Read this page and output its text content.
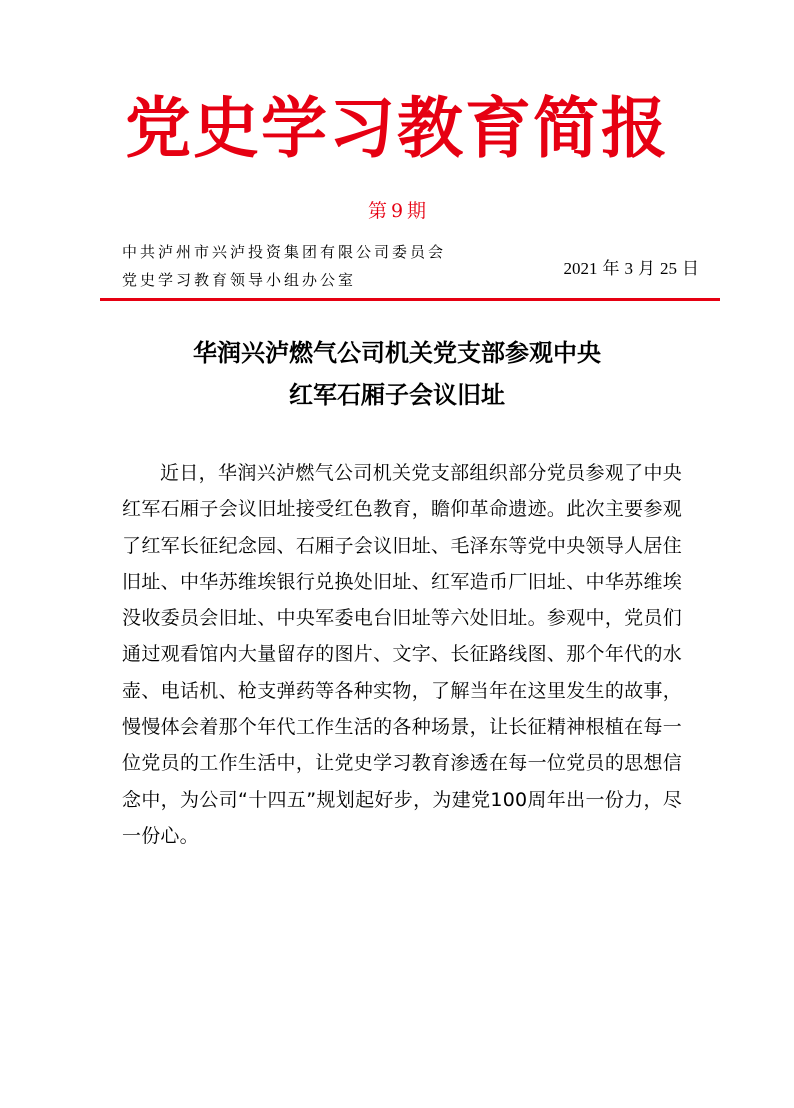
党史学习教育简报
第 9 期
中共泸州市兴泸投资集团有限公司委员会
党史学习教育领导小组办公室
2021 年 3 月 25 日
华润兴泸燃气公司机关党支部参观中央
红军石厢子会议旧址

近日，华润兴泸燃气公司机关党支部组织部分党员参观了中央红军石厢子会议旧址接受红色教育，瞻仰革命遗迹。此次主要参观了红军长征纪念园、石厢子会议旧址、毛泽东等党中央领导人居住旧址、中华苏维埃银行兑换处旧址、红军造币厂旧址、中华苏维埃没收委员会旧址、中央军委电台旧址等六处旧址。参观中，党员们通过观看馆内大量留存的图片、文字、长征路线图、那个年代的水壶、电话机、枪支弹药等各种实物，了解当年在这里发生的故事，慢慢体会着那个年代工作生活的各种场景，让长征精神根植在每一位党员的工作生活中，让党史学习教育渗透在每一位党员的思想信念中，为公司“十四五”规划起好步，为建党100周年出一份力，尽一份心。
